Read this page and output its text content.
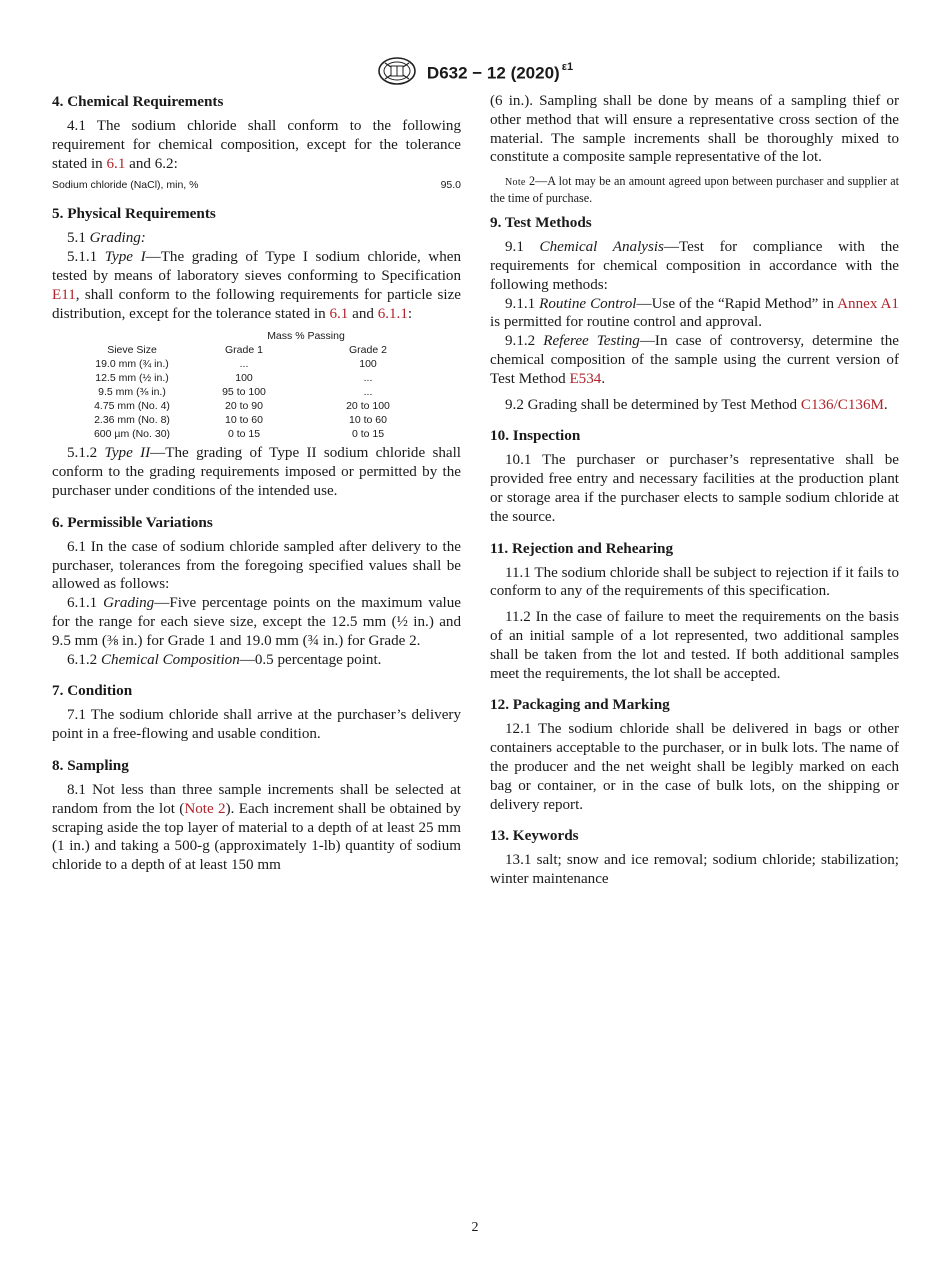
D632 − 12 (2020) $^{\varepsilon 1}$
4. Chemical Requirements

4.1 The sodium chloride shall conform to the following requirement for chemical composition, except for the tolerance stated in 6.1 and 6.2:

Sodium chloride (NaCl), min, %	95.0
5. Physical Requirements

5.1 Grading:

5.1.1 Type I—The grading of Type I sodium chloride, when tested by means of laboratory sieves conforming to Specification E11, shall conform to the following requirements for particle size distribution, except for the tolerance stated in 6.1 and 6.1.1:

	Mass % Passing	
Sieve Size	Grade 1	Grade 2
19.0 mm (¾ in.)	...	100
12.5 mm (½ in.)	100	...
9.5 mm (⅜ in.)	95 to 100	...
4.75 mm (No. 4)	20 to 90	20 to 100
2.36 mm (No. 8)	10 to 60	10 to 60
600 µm (No. 30)	0 to 15	0 to 15

5.1.2 Type II—The grading of Type II sodium chloride shall conform to the grading requirements imposed or permitted by the purchaser under conditions of the intended use.

6. Permissible Variations

6.1 In the case of sodium chloride sampled after delivery to the purchaser, tolerances from the foregoing specified values shall be allowed as follows:

6.1.1 Grading—Five percentage points on the maximum value for the range for each sieve size, except the 12.5 mm (½ in.) and 9.5 mm (⅜ in.) for Grade 1 and 19.0 mm (¾ in.) for Grade 2.

6.1.2 Chemical Composition—0.5 percentage point.

7. Condition

7.1 The sodium chloride shall arrive at the purchaser’s delivery point in a free-flowing and usable condition.

8. Sampling

8.1 Not less than three sample increments shall be selected at random from the lot (Note 2). Each increment shall be obtained by scraping aside the top layer of material to a depth of at least 25 mm (1 in.) and taking a 500-g (approximately 1-lb) quantity of sodium chloride to a depth of at least 150 mm

(6 in.). Sampling shall be done by means of a sampling thief or other method that will ensure a representative cross section of the material. The sample increments shall be thoroughly mixed to constitute a composite sample representative of the lot.

Note 2—A lot may be an amount agreed upon between purchaser and supplier at the time of purchase.

9. Test Methods

9.1 Chemical Analysis—Test for compliance with the requirements for chemical composition in accordance with the following methods:

9.1.1 Routine Control—Use of the “Rapid Method” in Annex A1 is permitted for routine control and approval.

9.1.2 Referee Testing—In case of controversy, determine the chemical composition of the sample using the current version of Test Method E534.

9.2 Grading shall be determined by Test Method C136/C136M.

10. Inspection

10.1 The purchaser or purchaser’s representative shall be provided free entry and necessary facilities at the production plant or storage area if the purchaser elects to sample sodium chloride at the source.

11. Rejection and Rehearing

11.1 The sodium chloride shall be subject to rejection if it fails to conform to any of the requirements of this specification.

11.2 In the case of failure to meet the requirements on the basis of an initial sample of a lot represented, two additional samples shall be taken from the lot and tested. If both additional samples meet the requirements, the lot shall be accepted.

12. Packaging and Marking

12.1 The sodium chloride shall be delivered in bags or other containers acceptable to the purchaser, or in bulk lots. The name of the producer and the net weight shall be legibly marked on each bag or container, or in the case of bulk lots, on the shipping or delivery report.

13. Keywords

13.1 salt; snow and ice removal; sodium chloride; stabilization; winter maintenance

2
